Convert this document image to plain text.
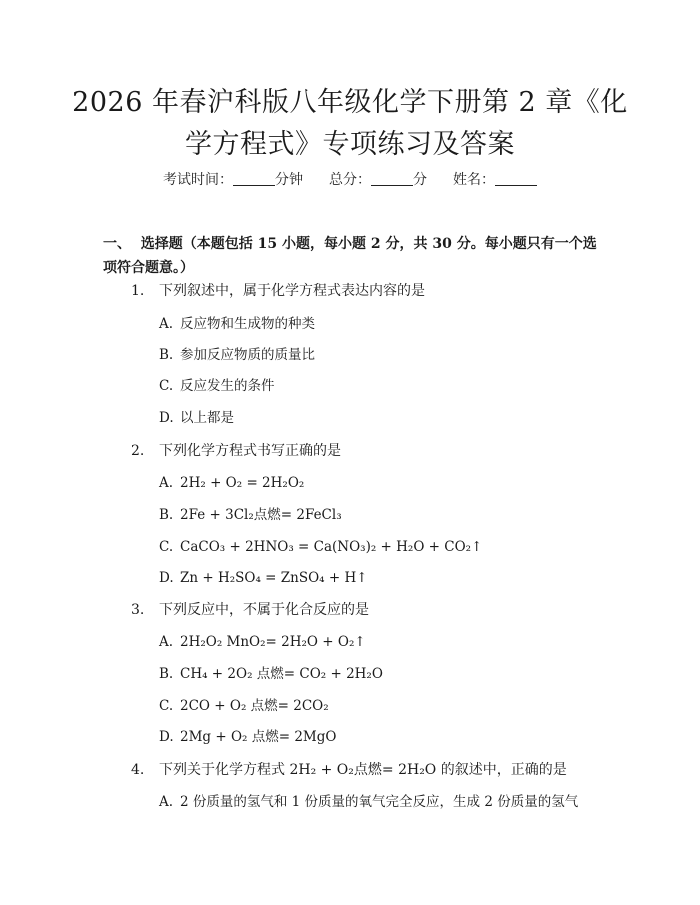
2026 年春沪科版八年级化学下册第 2 章《化学方程式》专项练习及答案
考试时间：	分钟 总分：	分 姓名：
一、 选择题（本题包括 15 小题，每小题 2 分，共 30 分。每小题只有一个选项符合题意。）
1. 下列叙述中，属于化学方程式表达内容的是
A. 反应物和生成物的种类
B. 参加反应物质的质量比
C. 反应发生的条件
D. 以上都是
2. 下列化学方程式书写正确的是
A. 2H₂ + O₂ = 2H₂O₂
B. 2Fe + 3Cl₂点燃= 2FeCl₃
C. CaCO₃ + 2HNO₃ = Ca(NO₃)₂ + H₂O + CO₂↑
D. Zn + H₂SO₄ = ZnSO₄ + H↑
3. 下列反应中，不属于化合反应的是
A. 2H₂O₂ MnO₂= 2H₂O + O₂↑
B. CH₄ + 2O₂ 点燃= CO₂ + 2H₂O
C. 2CO + O₂ 点燃= 2CO₂
D. 2Mg + O₂ 点燃= 2MgO
4. 下列关于化学方程式 2H₂ + O₂点燃= 2H₂O 的叙述中，正确的是
A. 2 份质量的氢气和 1 份质量的氧气完全反应，生成 2 份质量的氢气
